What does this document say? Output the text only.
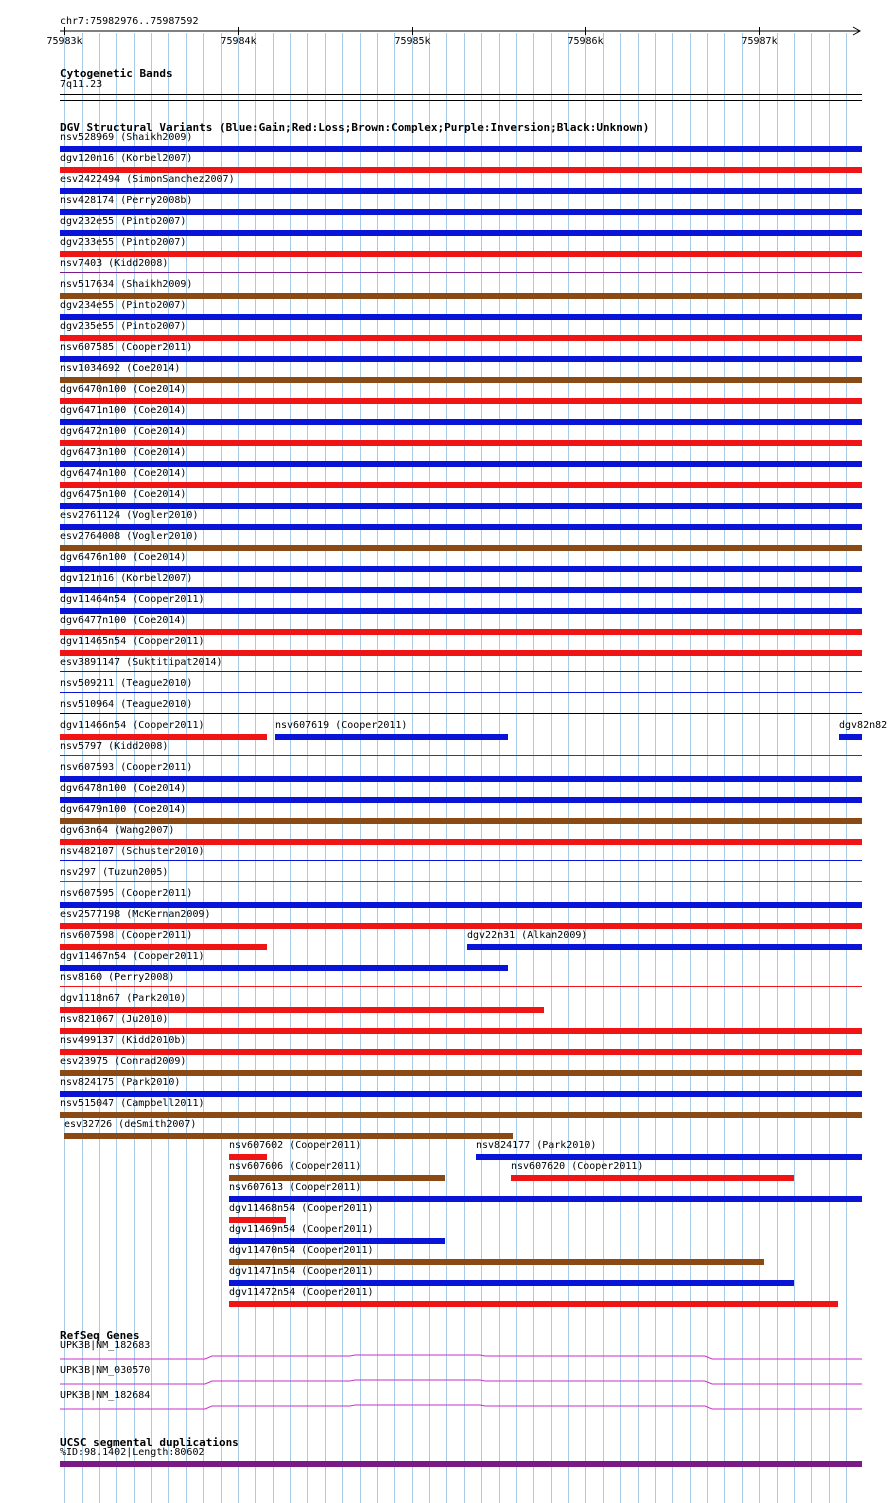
chr7:75982976..75987592
75983k	75984k	75985k	75986k	75987k
Cytogenetic Bands
7q11.23
DGV Structural Variants (Blue:Gain;Red:Loss;Brown:Complex;Purple:Inversion;Black:Unknown)
nsv528969 (Shaikh2009)
dgv120n16 (Korbel2007)
esv2422494 (SimonSanchez2007)
nsv428174 (Perry2008b)
dgv232e55 (Pinto2007)
dgv233e55 (Pinto2007)
nsv7403 (Kidd2008)
nsv517634 (Shaikh2009)
dgv234e55 (Pinto2007)
dgv235e55 (Pinto2007)
nsv607585 (Cooper2011)
nsv1034692 (Coe2014)
dgv6470n100 (Coe2014)
dgv6471n100 (Coe2014)
dgv6472n100 (Coe2014)
dgv6473n100 (Coe2014)
dgv6474n100 (Coe2014)
dgv6475n100 (Coe2014)
esv2761124 (Vogler2010)
esv2764008 (Vogler2010)
dgv6476n100 (Coe2014)
dgv121n16 (Korbel2007)
dgv11464n54 (Cooper2011)
dgv6477n100 (Coe2014)
dgv11465n54 (Cooper2011)
esv3891147 (Suktitipat2014)
nsv509211 (Teague2010)
nsv510964 (Teague2010)
dgv11466n54 (Cooper2011)	nsv607619 (Cooper2011)	dgv82n82
nsv5797 (Kidd2008)
nsv607593 (Cooper2011)
dgv6478n100 (Coe2014)
dgv6479n100 (Coe2014)
dgv63n64 (Wang2007)
nsv482107 (Schuster2010)
nsv297 (Tuzun2005)
nsv607595 (Cooper2011)
esv2577198 (McKernan2009)
nsv607598 (Cooper2011)	dgv22n31 (Alkan2009)
dgv11467n54 (Cooper2011)
nsv8160 (Perry2008)
dgv1118n67 (Park2010)
nsv821067 (Ju2010)
nsv499137 (Kidd2010b)
esv23975 (Conrad2009)
nsv824175 (Park2010)
nsv515047 (Campbell2011)
esv32726 (deSmith2007)
nsv607602 (Cooper2011)	nsv824177 (Park2010)
nsv607606 (Cooper2011)	nsv607620 (Cooper2011)
nsv607613 (Cooper2011)
dgv11468n54 (Cooper2011)
dgv11469n54 (Cooper2011)
dgv11470n54 (Cooper2011)
dgv11471n54 (Cooper2011)
dgv11472n54 (Cooper2011)
RefSeq Genes
UPK3B|NM_182683
UPK3B|NM_030570
UPK3B|NM_182684
UCSC segmental duplications
%ID:98.1402|Length:80602
